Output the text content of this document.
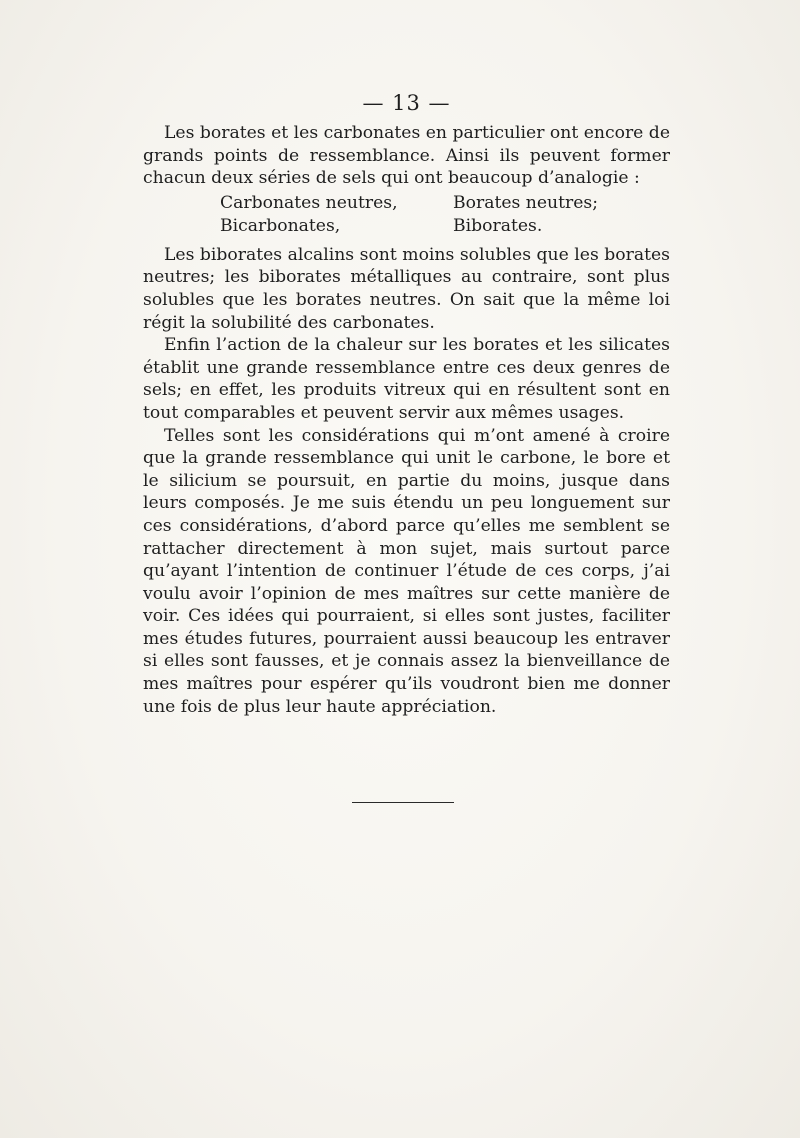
— 13 —

Les borates et les carbonates en particulier ont encore de grands points de ressemblance. Ainsi ils peuvent former chacun deux séries de sels qui ont beaucoup d’analogie :

Carbonates neutres,	Borates neutres;
Bicarbonates,	Biborates.

Les biborates alcalins sont moins solubles que les borates neutres; les biborates métalliques au contraire, sont plus solubles que les borates neutres. On sait que la même loi régit la solubilité des carbonates.

Enfin l’action de la chaleur sur les borates et les silicates établit une grande ressemblance entre ces deux genres de sels; en effet, les produits vitreux qui en résultent sont en tout comparables et peuvent servir aux mêmes usages.

Telles sont les considérations qui m’ont amené à croire que la grande ressemblance qui unit le carbone, le bore et le silicium se poursuit, en partie du moins, jusque dans leurs composés. Je me suis étendu un peu longuement sur ces considérations, d’abord parce qu’elles me semblent se rattacher directement à mon sujet, mais surtout parce qu’ayant l’intention de continuer l’étude de ces corps, j’ai voulu avoir l’opinion de mes maîtres sur cette manière de voir. Ces idées qui pourraient, si elles sont justes, faciliter mes études futures, pourraient aussi beaucoup les entraver si elles sont fausses, et je connais assez la bienveillance de mes maîtres pour espérer qu’ils voudront bien me donner une fois de plus leur haute appréciation.
